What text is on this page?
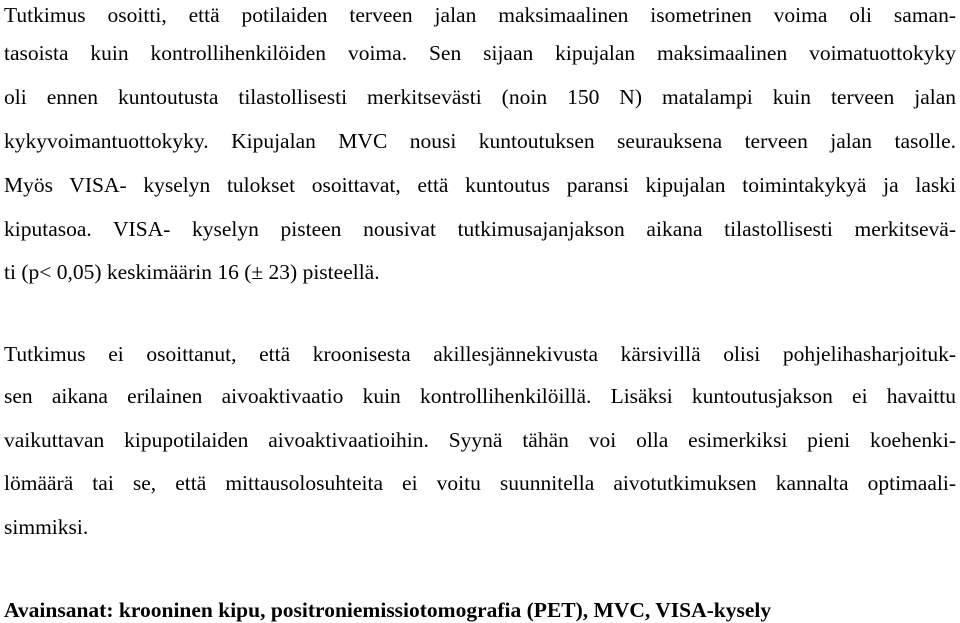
Tutkimus osoitti, että potilaiden terveen jalan maksimaalinen isometrinen voima oli saman-
tasoista kuin kontrollihenkilöiden voima. Sen sijaan kipujalan maksimaalinen voimatuottokyky
oli ennen kuntoutusta tilastollisesti merkitsevästi (noin 150 N) matalampi kuin terveen jalan
kykyvoimantuottokyky. Kipujalan MVC nousi kuntoutuksen seurauksena terveen jalan tasolle.
Myös VISA- kyselyn tulokset osoittavat, että kuntoutus paransi kipujalan toimintakykyä ja laski
kiputasoa. VISA- kyselyn pisteen nousivat tutkimusajanjakson aikana tilastollisesti merkitsevä-
ti (p< 0,05) keskimäärin 16 (± 23) pisteellä.
Tutkimus ei osoittanut, että kroonisesta akillesjännekivusta kärsivillä olisi pohjelihasharjoituk-
sen aikana erilainen aivoaktivaatio kuin kontrollihenkilöillä. Lisäksi kuntoutusjakson ei havaittu
vaikuttavan kipupotilaiden aivoaktivaatioihin. Syynä tähän voi olla esimerkiksi pieni koehenki-
lömäärä tai se, että mittausolosuhteita ei voitu suunnitella aivotutkimuksen kannalta optimaali-
simmiksi.
Avainsanat: krooninen kipu, positroniemissiotomografia (PET), MVC, VISA-kysely
